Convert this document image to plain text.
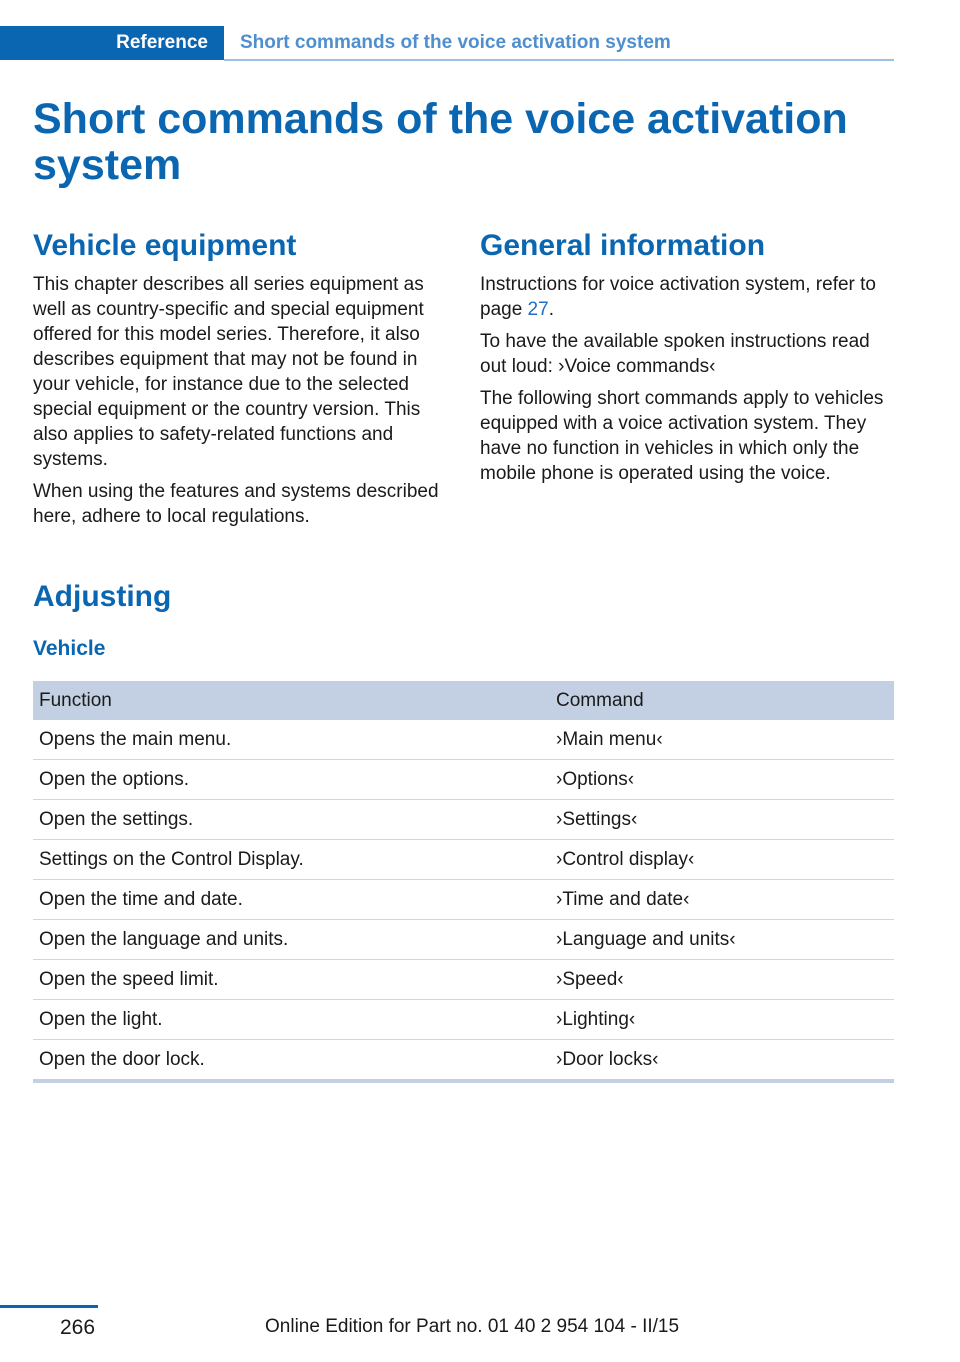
Reference	Short commands of the voice activation system
Short commands of the voice activation system
Vehicle equipment

This chapter describes all series equipment as well as country-specific and special equipment offered for this model series. Therefore, it also describes equipment that may not be found in your vehicle, for instance due to the selected special equipment or the country version. This also applies to safety-related functions and systems.

When using the features and systems described here, adhere to local regulations.

General information

Instructions for voice activation system, refer to page 27.

To have the available spoken instructions read out loud: ›Voice commands‹

The following short commands apply to vehicles equipped with a voice activation system. They have no function in vehicles in which only the mobile phone is operated using the voice.

Adjusting
Vehicle
Function	Command
Opens the main menu.	›Main menu‹
Open the options.	›Options‹
Open the settings.	›Settings‹
Settings on the Control Display.	›Control display‹
Open the time and date.	›Time and date‹
Open the language and units.	›Language and units‹
Open the speed limit.	›Speed‹
Open the light.	›Lighting‹
Open the door lock.	›Door locks‹
266	Online Edition for Part no. 01 40 2 954 104 - II/15
